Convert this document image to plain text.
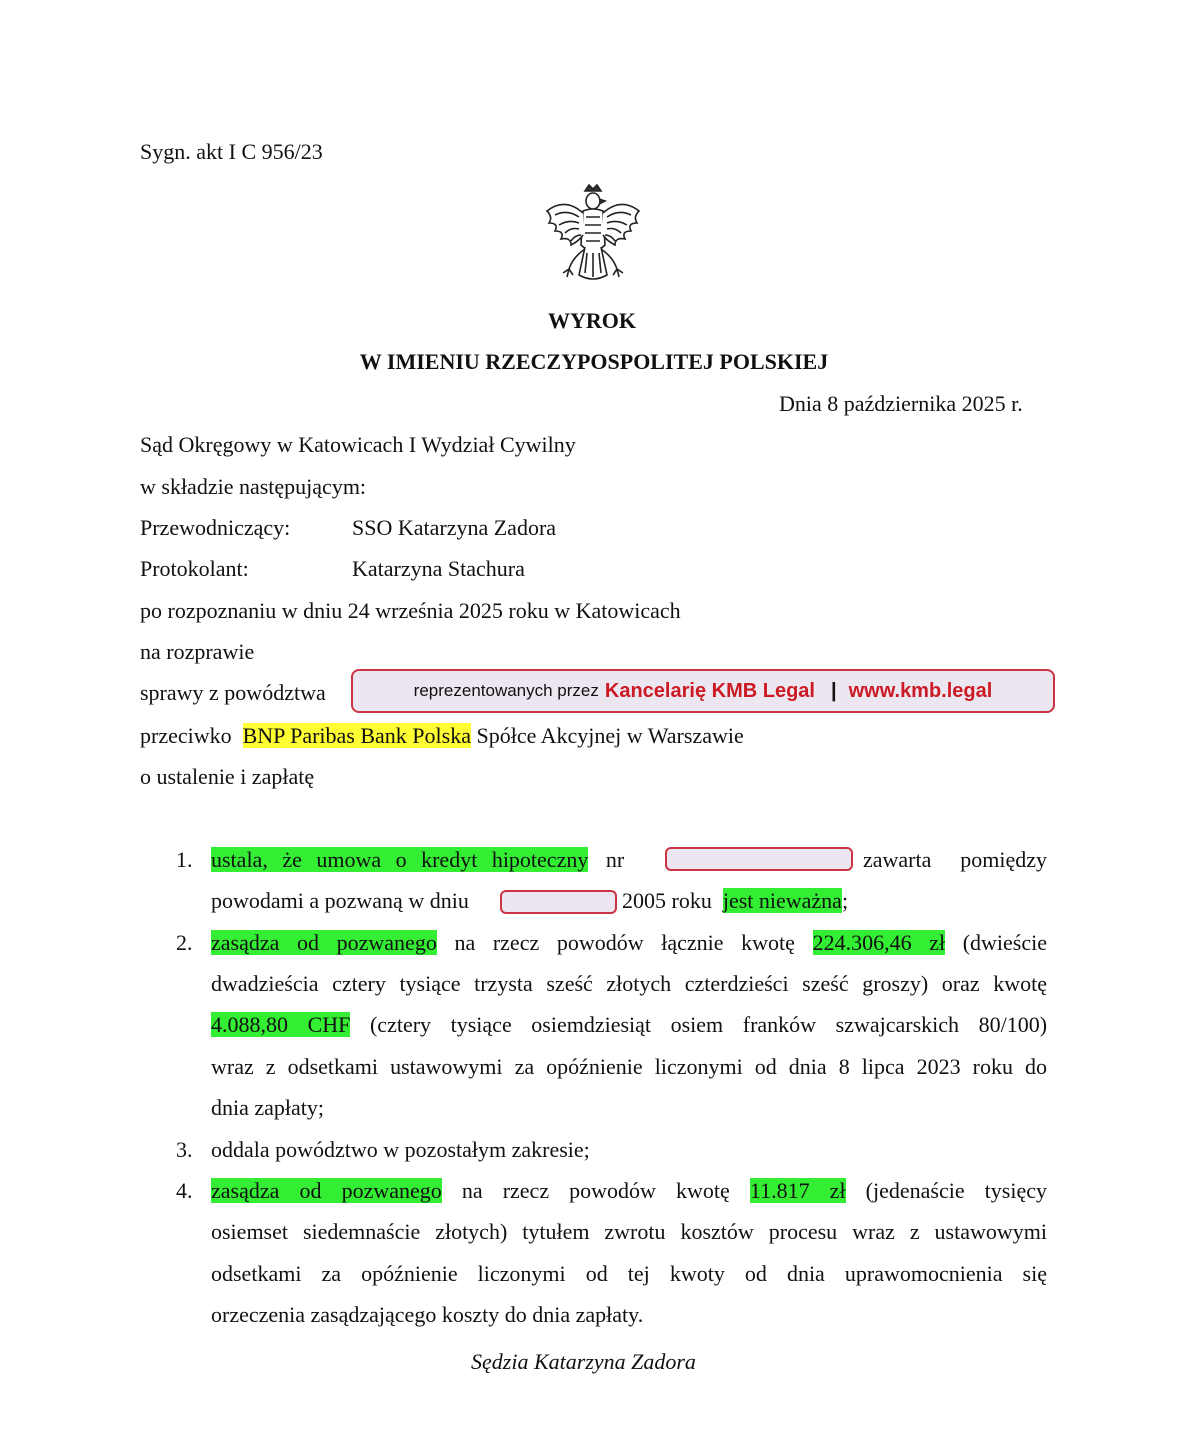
Sygn. akt I C 956/23
WYROK
W IMIENIU RZECZYPOSPOLITEJ POLSKIEJ
Dnia 8 października 2025 r.
Sąd Okręgowy w Katowicach I Wydział Cywilny
w składzie następującym:
Przewodniczący:	SSO Katarzyna Zadora
Protokolant:	Katarzyna Stachura
po rozpoznaniu w dniu 24 września 2025 roku w Katowicach
na rozprawie
sprawy z powództwa	reprezentowanych przez Kancelarię KMB Legal | www.kmb.legal
przeciwko BNP Paribas Bank Polska Spółce Akcyjnej w Warszawie
o ustalenie i zapłatę
1. ustala, że umowa o kredyt hipoteczny nr	zawarta pomiędzy
powodami a pozwaną w dniu	2005 roku jest nieważna;
2. zasądza od pozwanego na rzecz powodów łącznie kwotę 224.306,46 zł (dwieście
dwadzieścia cztery tysiące trzysta sześć złotych czterdzieści sześć groszy) oraz kwotę
4.088,80 CHF (cztery tysiące osiemdziesiąt osiem franków szwajcarskich 80/100)
wraz z odsetkami ustawowymi za opóźnienie liczonymi od dnia 8 lipca 2023 roku do
dnia zapłaty;
3. oddala powództwo w pozostałym zakresie;
4. zasądza od pozwanego na rzecz powodów kwotę 11.817 zł (jedenaście tysięcy
osiemset siedemnaście złotych) tytułem zwrotu kosztów procesu wraz z ustawowymi
odsetkami za opóźnienie liczonymi od tej kwoty od dnia uprawomocnienia się
orzeczenia zasądzającego koszty do dnia zapłaty.
Sędzia Katarzyna Zadora
